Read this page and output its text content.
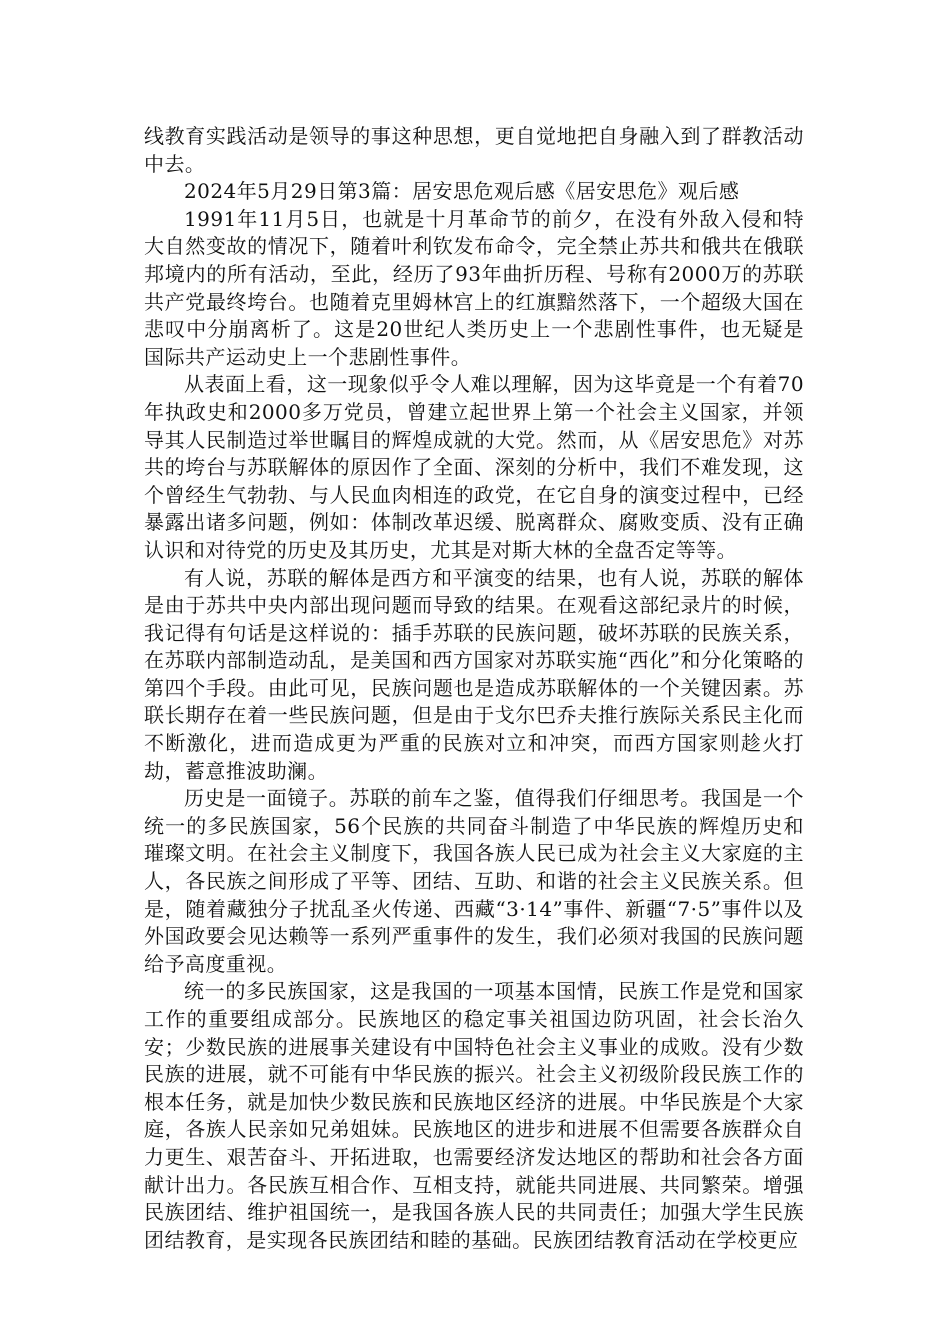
线教育实践活动是领导的事这种思想，更自觉地把自身融入到了群教活动中去。

2024年5月29日第3篇：居安思危观后感《居安思危》观后感

1991年11月5日，也就是十月革命节的前夕，在没有外敌入侵和特大自然变故的情况下，随着叶利钦发布命令，完全禁止苏共和俄共在俄联邦境内的所有活动，至此，经历了93年曲折历程、号称有2000万的苏联共产党最终垮台。也随着克里姆林宫上的红旗黯然落下，一个超级大国在悲叹中分崩离析了。这是20世纪人类历史上一个悲剧性事件，也无疑是国际共产运动史上一个悲剧性事件。

从表面上看，这一现象似乎令人难以理解，因为这毕竟是一个有着70年执政史和2000多万党员，曾建立起世界上第一个社会主义国家，并领导其人民制造过举世瞩目的辉煌成就的大党。然而，从《居安思危》对苏共的垮台与苏联解体的原因作了全面、深刻的分析中，我们不难发现，这个曾经生气勃勃、与人民血肉相连的政党，在它自身的演变过程中，已经暴露出诸多问题，例如：体制改革迟缓、脱离群众、腐败变质、没有正确认识和对待党的历史及其历史，尤其是对斯大林的全盘否定等等。

有人说，苏联的解体是西方和平演变的结果，也有人说，苏联的解体是由于苏共中央内部出现问题而导致的结果。在观看这部纪录片的时候，我记得有句话是这样说的：插手苏联的民族问题，破坏苏联的民族关系，在苏联内部制造动乱，是美国和西方国家对苏联实施“西化”和分化策略的第四个手段。由此可见，民族问题也是造成苏联解体的一个关键因素。苏联长期存在着一些民族问题，但是由于戈尔巴乔夫推行族际关系民主化而不断激化，进而造成更为严重的民族对立和冲突，而西方国家则趁火打劫，蓄意推波助澜。

历史是一面镜子。苏联的前车之鉴，值得我们仔细思考。我国是一个统一的多民族国家，56个民族的共同奋斗制造了中华民族的辉煌历史和璀璨文明。在社会主义制度下，我国各族人民已成为社会主义大家庭的主人，各民族之间形成了平等、团结、互助、和谐的社会主义民族关系。但是，随着藏独分子扰乱圣火传递、西藏“3·14”事件、新疆“7·5”事件以及外国政要会见达赖等一系列严重事件的发生，我们必须对我国的民族问题给予高度重视。

统一的多民族国家，这是我国的一项基本国情，民族工作是党和国家工作的重要组成部分。民族地区的稳定事关祖国边防巩固，社会长治久安；少数民族的进展事关建设有中国特色社会主义事业的成败。没有少数民族的进展，就不可能有中华民族的振兴。社会主义初级阶段民族工作的根本任务，就是加快少数民族和民族地区经济的进展。中华民族是个大家庭，各族人民亲如兄弟姐妹。民族地区的进步和进展不但需要各族群众自力更生、艰苦奋斗、开拓进取，也需要经济发达地区的帮助和社会各方面献计出力。各民族互相合作、互相支持，就能共同进展、共同繁荣。增强民族团结、维护祖国统一，是我国各族人民的共同责任；加强大学生民族团结教育，是实现各民族团结和睦的基础。民族团结教育活动在学校更应
